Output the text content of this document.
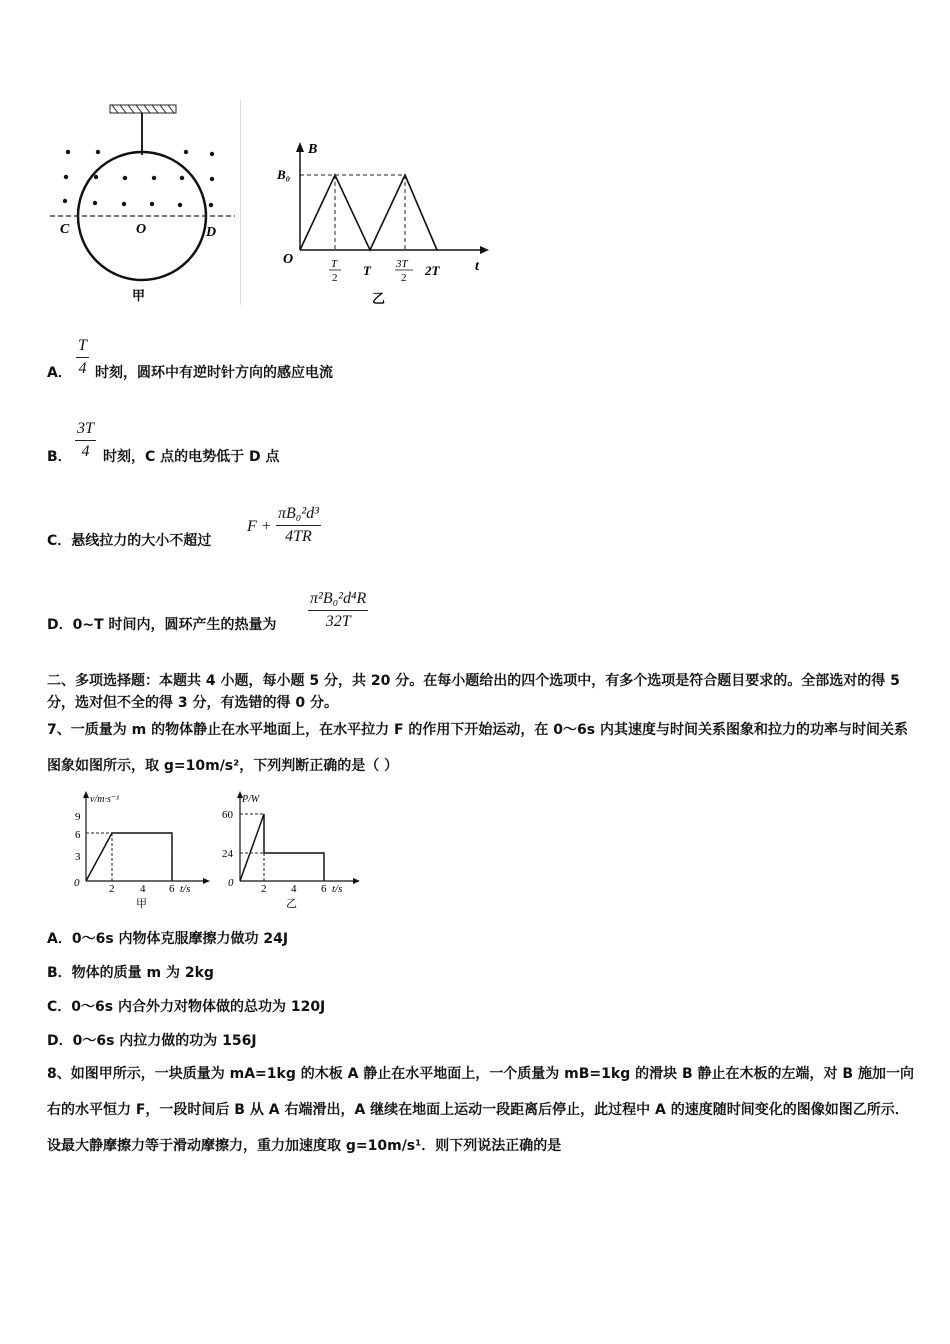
C	O	D
甲
B
B₀
O	t
T
2 T 3T
2 2T
乙
A． $\frac{T}{4}$ 时刻，圆环中有逆时针方向的感应电流
B． $\frac{3T}{4}$ 时刻，C 点的电势低于 D 点
C．悬线拉力的大小不超过
$F + \frac{\text{πB₀²d³}}{4TR}$
D．0~T 时间内，圆环产生的热量为 $\frac{\text{π²B₀²d⁴R}}{32T}$
二、多项选择题：本题共 4 小题，每小题 5 分，共 20 分。在每小题给出的四个选项中，有多个选项是符合题目要求的。全部选对的得 5 分，选对但不全的得 3 分，有选错的得 0 分。
7、一质量为 m 的物体静止在水平地面上，在水平拉力 F 的作用下开始运动，在 0～6s 内其速度与时间关系图象和拉力的功率与时间关系图象如图所示，取 g=10m/s²，下列判断正确的是（ ）
v/m·s⁻¹
9
6
3
0	2 4 6 t/s
甲
P/W
60
24
0	2 4 6 t/s
乙
A．0～6s 内物体克服摩擦力做功 24J
B．物体的质量 m 为 2kg
C．0～6s 内合外力对物体做的总功为 120J
D．0～6s 内拉力做的功为 156J
8、如图甲所示，一块质量为 mA=1kg 的木板 A 静止在水平地面上，一个质量为 mB=1kg 的滑块 B 静止在木板的左端，对 B 施加一向右的水平恒力 F，一段时间后 B 从 A 右端滑出，A 继续在地面上运动一段距离后停止，此过程中 A 的速度随时间变化的图像如图乙所示．设最大静摩擦力等于滑动摩擦力，重力加速度取 g=10m/s¹．则下列说法正确的是
